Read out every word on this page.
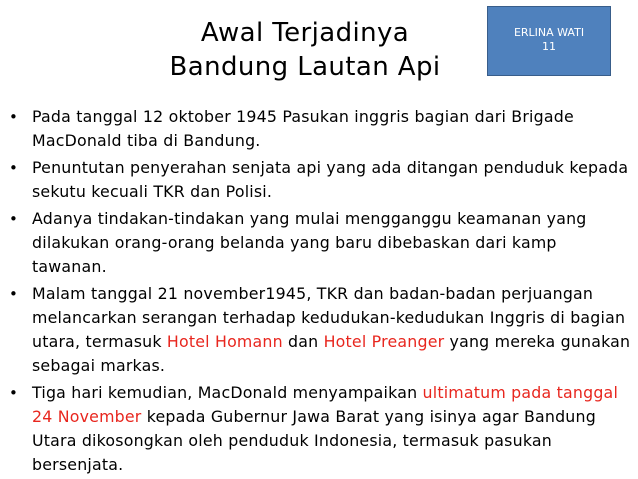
Awal Terjadinya
Bandung Lautan Api
ERLINA WATI
11
• Pada tanggal 12 oktober 1945 Pasukan inggris bagian dari Brigade MacDonald tiba di Bandung.
• Penuntutan penyerahan senjata api yang ada ditangan penduduk kepada sekutu kecuali TKR dan Polisi.
• Adanya tindakan-tindakan yang mulai mengganggu keamanan yang dilakukan orang-orang belanda yang baru dibebaskan dari kamp tawanan.
• Malam tanggal 21 november1945, TKR dan badan-badan perjuangan melancarkan serangan terhadap kedudukan-kedudukan Inggris di bagian utara, termasuk Hotel Homann dan Hotel Preanger yang mereka gunakan sebagai markas.
• Tiga hari kemudian, MacDonald menyampaikan ultimatum pada tanggal 24 November kepada Gubernur Jawa Barat yang isinya agar Bandung Utara dikosongkan oleh penduduk Indonesia, termasuk pasukan bersenjata.
